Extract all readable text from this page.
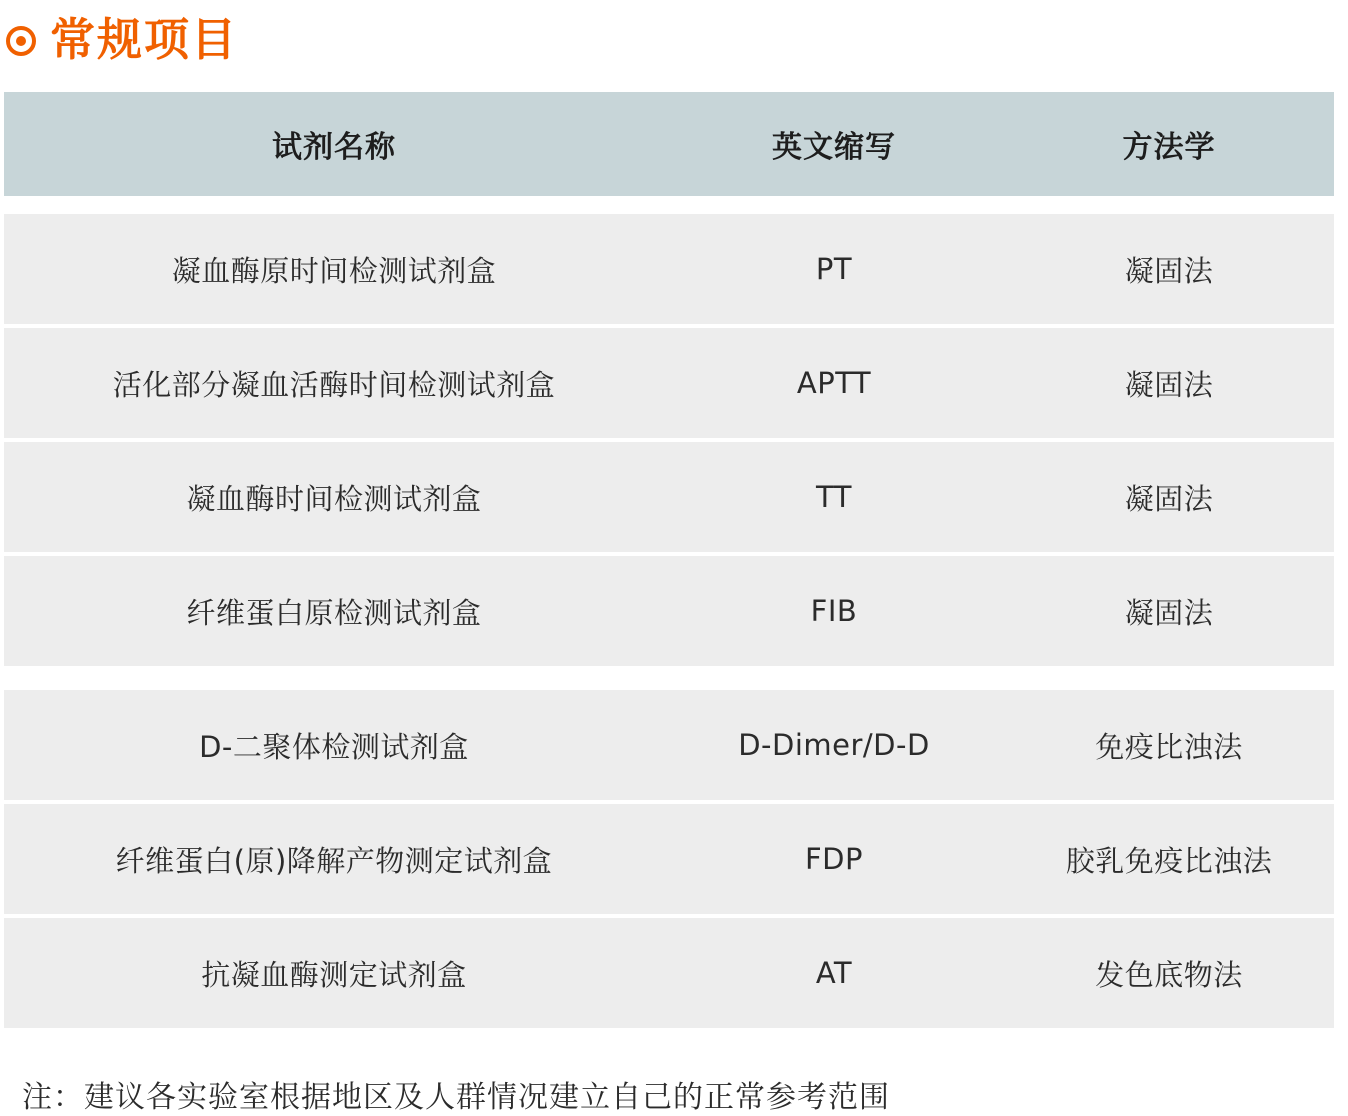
常规项目
试剂名称	英文缩写	方法学

凝血酶原时间检测试剂盒	PT	凝固法
活化部分凝血活酶时间检测试剂盒	APTT	凝固法
凝血酶时间检测试剂盒	TT	凝固法
纤维蛋白原检测试剂盒	FIB	凝固法

D-二聚体检测试剂盒	D-Dimer/D-D	免疫比浊法
纤维蛋白(原)降解产物测定试剂盒	FDP	胶乳免疫比浊法
抗凝血酶测定试剂盒	AT	发色底物法
注：建议各实验室根据地区及人群情况建立自己的正常参考范围
